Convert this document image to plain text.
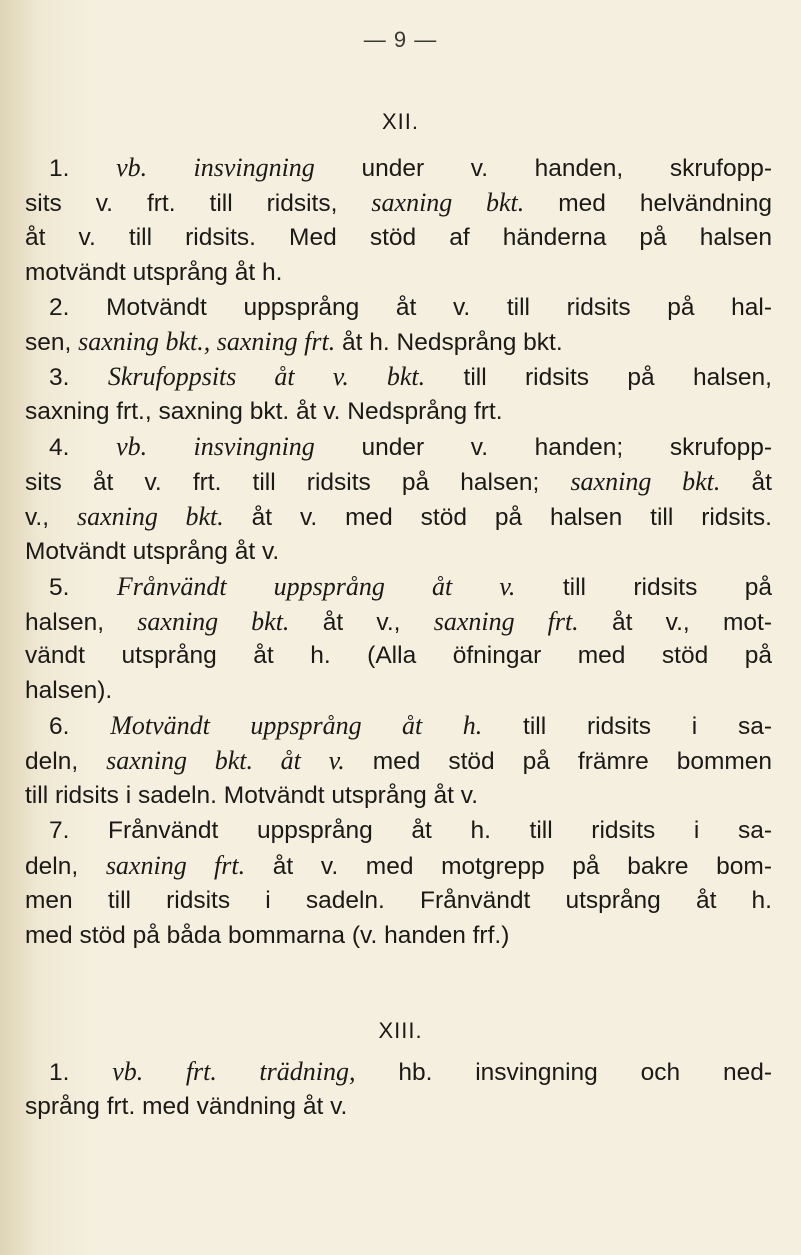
— 9 —
XII.
1. vb. insvingning under v. handen, skrufopp-
sits v. frt. till ridsits, saxning bkt. med helvändning
åt v. till ridsits. Med stöd af händerna på halsen
motvändt utsprång åt h.
2. Motvändt uppsprång åt v. till ridsits på hal-
sen, saxning bkt., saxning frt. åt h. Nedsprång bkt.
3. Skrufoppsits åt v. bkt. till ridsits på halsen,
saxning frt., saxning bkt. åt v. Nedsprång frt.
4. vb. insvingning under v. handen; skrufopp-
sits åt v. frt. till ridsits på halsen; saxning bkt. åt
v., saxning bkt. åt v. med stöd på halsen till ridsits.
Motvändt utsprång åt v.
5. Frånvändt uppsprång åt v. till ridsits på
halsen, saxning bkt. åt v., saxning frt. åt v., mot-
vändt utsprång åt h. (Alla öfningar med stöd på
halsen).
6. Motvändt uppsprång åt h. till ridsits i sa-
deln, saxning bkt. åt v. med stöd på främre bommen
till ridsits i sadeln. Motvändt utsprång åt v.
7. Frånvändt uppsprång åt h. till ridsits i sa-
deln, saxning frt. åt v. med motgrepp på bakre bom-
men till ridsits i sadeln. Frånvändt utsprång åt h.
med stöd på båda bommarna (v. handen frf.)
XIII.
1. vb. frt. trädning, hb. insvingning och ned-
språng frt. med vändning åt v.
